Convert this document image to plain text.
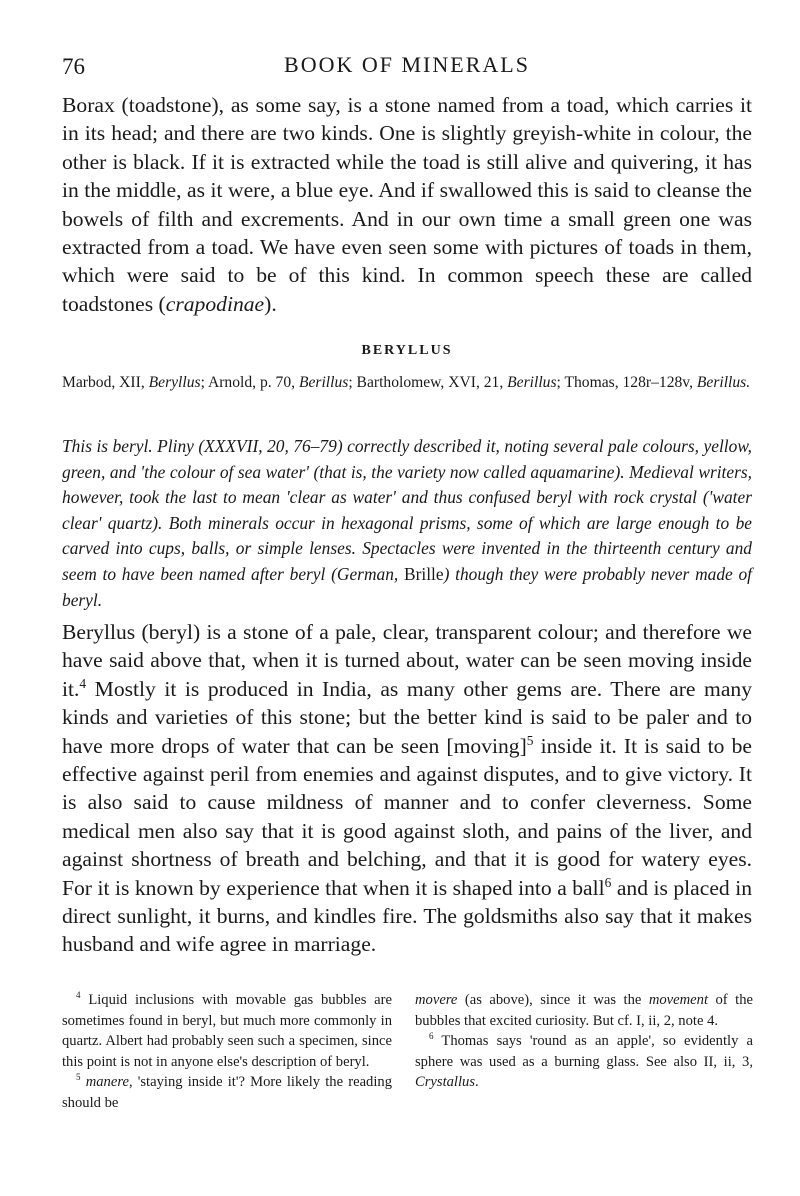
76	BOOK OF MINERALS

Borax (toadstone), as some say, is a stone named from a toad, which carries it in its head; and there are two kinds. One is slightly greyish-white in colour, the other is black. If it is extracted while the toad is still alive and quivering, it has in the middle, as it were, a blue eye. And if swallowed this is said to cleanse the bowels of filth and excrements. And in our own time a small green one was extracted from a toad. We have even seen some with pictures of toads in them, which were said to be of this kind. In common speech these are called toadstones (crapodinae).

BERYLLUS

Marbod, XII, Beryllus; Arnold, p. 70, Berillus; Bartholomew, XVI, 21, Berillus; Thomas, 128r–128v, Berillus.

This is beryl. Pliny (XXXVII, 20, 76–79) correctly described it, noting several pale colours, yellow, green, and 'the colour of sea water' (that is, the variety now called aquamarine). Medieval writers, however, took the last to mean 'clear as water' and thus confused beryl with rock crystal ('water clear' quartz). Both minerals occur in hexagonal prisms, some of which are large enough to be carved into cups, balls, or simple lenses. Spectacles were invented in the thirteenth century and seem to have been named after beryl (German, Brille) though they were probably never made of beryl.

Beryllus (beryl) is a stone of a pale, clear, transparent colour; and therefore we have said above that, when it is turned about, water can be seen moving inside it.$^4$ Mostly it is produced in India, as many other gems are. There are many kinds and varieties of this stone; but the better kind is said to be paler and to have more drops of water that can be seen [moving]$^5$ inside it. It is said to be effective against peril from enemies and against disputes, and to give victory. It is also said to cause mildness of manner and to confer cleverness. Some medical men also say that it is good against sloth, and pains of the liver, and against shortness of breath and belching, and that it is good for watery eyes. For it is known by experience that when it is shaped into a ball$^6$ and is placed in direct sunlight, it burns, and kindles fire. The goldsmiths also say that it makes husband and wife agree in marriage.

$^4$ Liquid inclusions with movable gas bubbles are sometimes found in beryl, but much more commonly in quartz. Albert had probably seen such a specimen, since this point is not in anyone else's description of beryl.

$^5$ manere, 'staying inside it'? More likely the reading should be

movere (as above), since it was the movement of the bubbles that excited curiosity. But cf. I, ii, 2, note 4.

$^6$ Thomas says 'round as an apple', so evidently a sphere was used as a burning glass. See also II, ii, 3, Crystallus.
